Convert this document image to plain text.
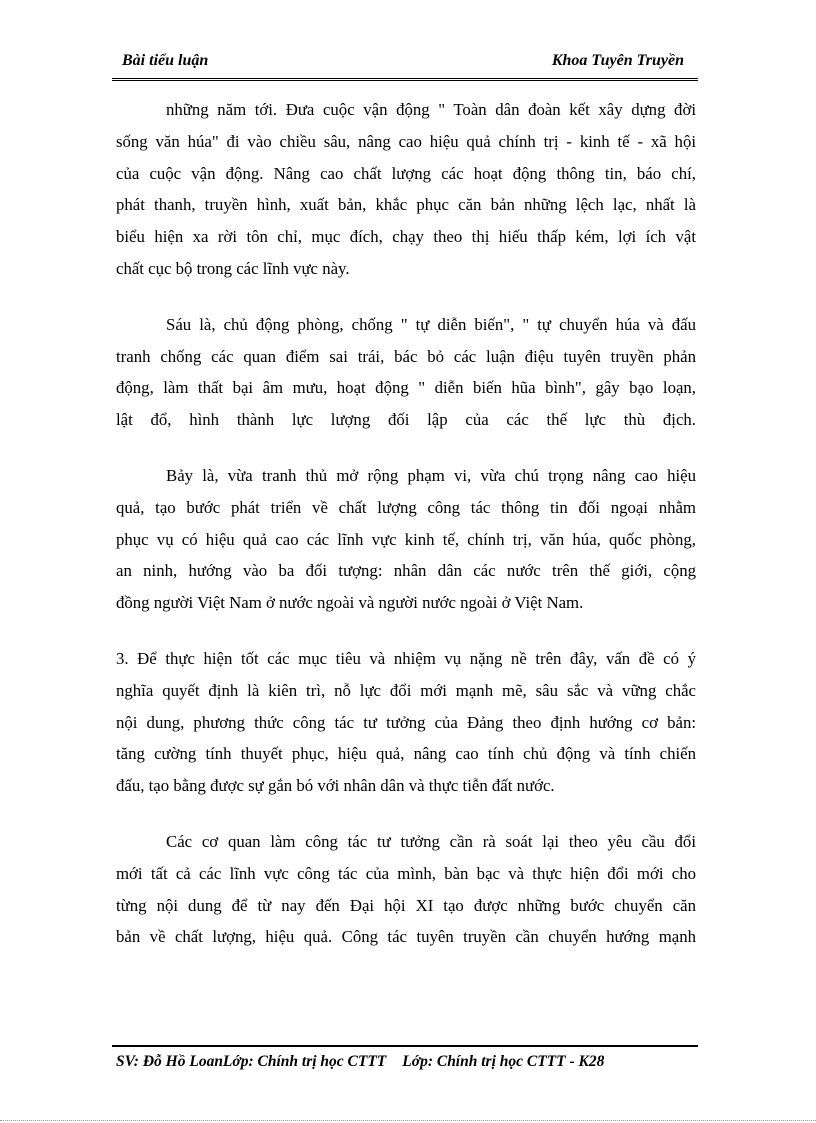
Bài tiểu luận	Khoa Tuyên Truyền
những năm tới. Đưa cuộc vận động " Toàn dân đoàn kết xây dựng đời
sống văn húa" đi vào chiều sâu, nâng cao hiệu quả chính trị - kinh tế - xã hội
của cuộc vận động. Nâng cao chất lượng các hoạt động thông tin, báo chí,
phát thanh, truyền hình, xuất bản, khắc phục căn bản những lệch lạc, nhất là
biểu hiện xa rời tôn chỉ, mục đích, chạy theo thị hiếu thấp kém, lợi ích vật
chất cục bộ trong các lĩnh vực này.
Sáu là, chủ động phòng, chống " tự diễn biến", " tự chuyển húa và đấu
tranh chống các quan điểm sai trái, bác bỏ các luận điệu tuyên truyền phản
động, làm thất bại âm mưu, hoạt động " diễn biến hũa bình", gây bạo loạn,
lật đổ, hình thành lực lượng đối lập của các thế lực thù địch.
Bảy là, vừa tranh thủ mở rộng phạm vi, vừa chú trọng nâng cao hiệu
quả, tạo bước phát triển về chất lượng công tác thông tin đối ngoại nhằm
phục vụ có hiệu quả cao các lĩnh vực kinh tế, chính trị, văn húa, quốc phòng,
an ninh, hướng vào ba đối tượng: nhân dân các nước trên thế giới, cộng
đồng người Việt Nam ở nước ngoài và người nước ngoài ở Việt Nam.
3. Để thực hiện tốt các mục tiêu và nhiệm vụ nặng nề trên đây, vấn đề có ý
nghĩa quyết định là kiên trì, nỗ lực đổi mới mạnh mẽ, sâu sắc và vững chắc
nội dung, phương thức công tác tư tưởng của Đảng theo định hướng cơ bản:
tăng cường tính thuyết phục, hiệu quả, nâng cao tính chủ động và tính chiến
đấu, tạo bằng được sự gắn bó với nhân dân và thực tiễn đất nước.
Các cơ quan làm công tác tư tưởng cần rà soát lại theo yêu cầu đổi
mới tất cả các lĩnh vực công tác của mình, bàn bạc và thực hiện đổi mới cho
từng nội dung để từ nay đến Đại hội XI tạo được những bước chuyển căn
bản về chất lượng, hiệu quả. Công tác tuyên truyền cần chuyển hướng mạnh
SV: Đỗ Hồ LoanLớp: Chính trị học CTTT Lớp: Chính trị học CTTT - K28
